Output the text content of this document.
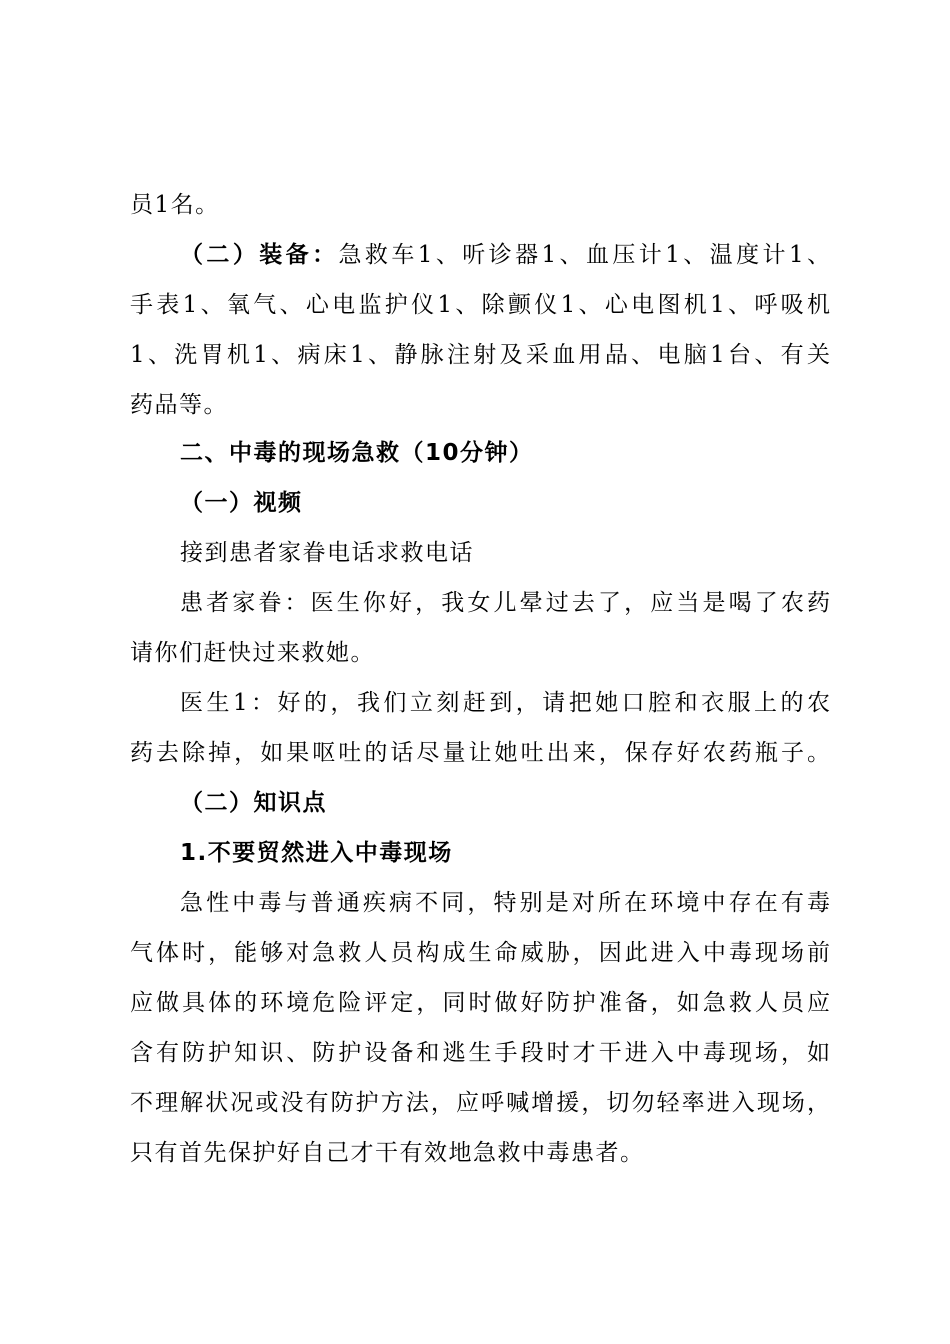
员1名。
（二）装备：急救车1、听诊器1、血压计1、温度计1、
手表1、氧气、心电监护仪1、除颤仪1、心电图机1、呼吸机
1、洗胃机1、病床1、静脉注射及采血用品、电脑1台、有关
药品等。
二、中毒的现场急救（10分钟）
（一）视频
接到患者家眷电话求救电话
患者家眷：医生你好，我女儿晕过去了，应当是喝了农药
请你们赶快过来救她。
医生1：好的，我们立刻赶到，请把她口腔和衣服上的农
药去除掉，如果呕吐的话尽量让她吐出来，保存好农药瓶子。
（二）知识点
1.不要贸然进入中毒现场
急性中毒与普通疾病不同，特别是对所在环境中存在有毒
气体时，能够对急救人员构成生命威胁，因此进入中毒现场前
应做具体的环境危险评定，同时做好防护准备，如急救人员应
含有防护知识、防护设备和逃生手段时才干进入中毒现场，如
不理解状况或没有防护方法，应呼喊增援，切勿轻率进入现场，
只有首先保护好自己才干有效地急救中毒患者。
